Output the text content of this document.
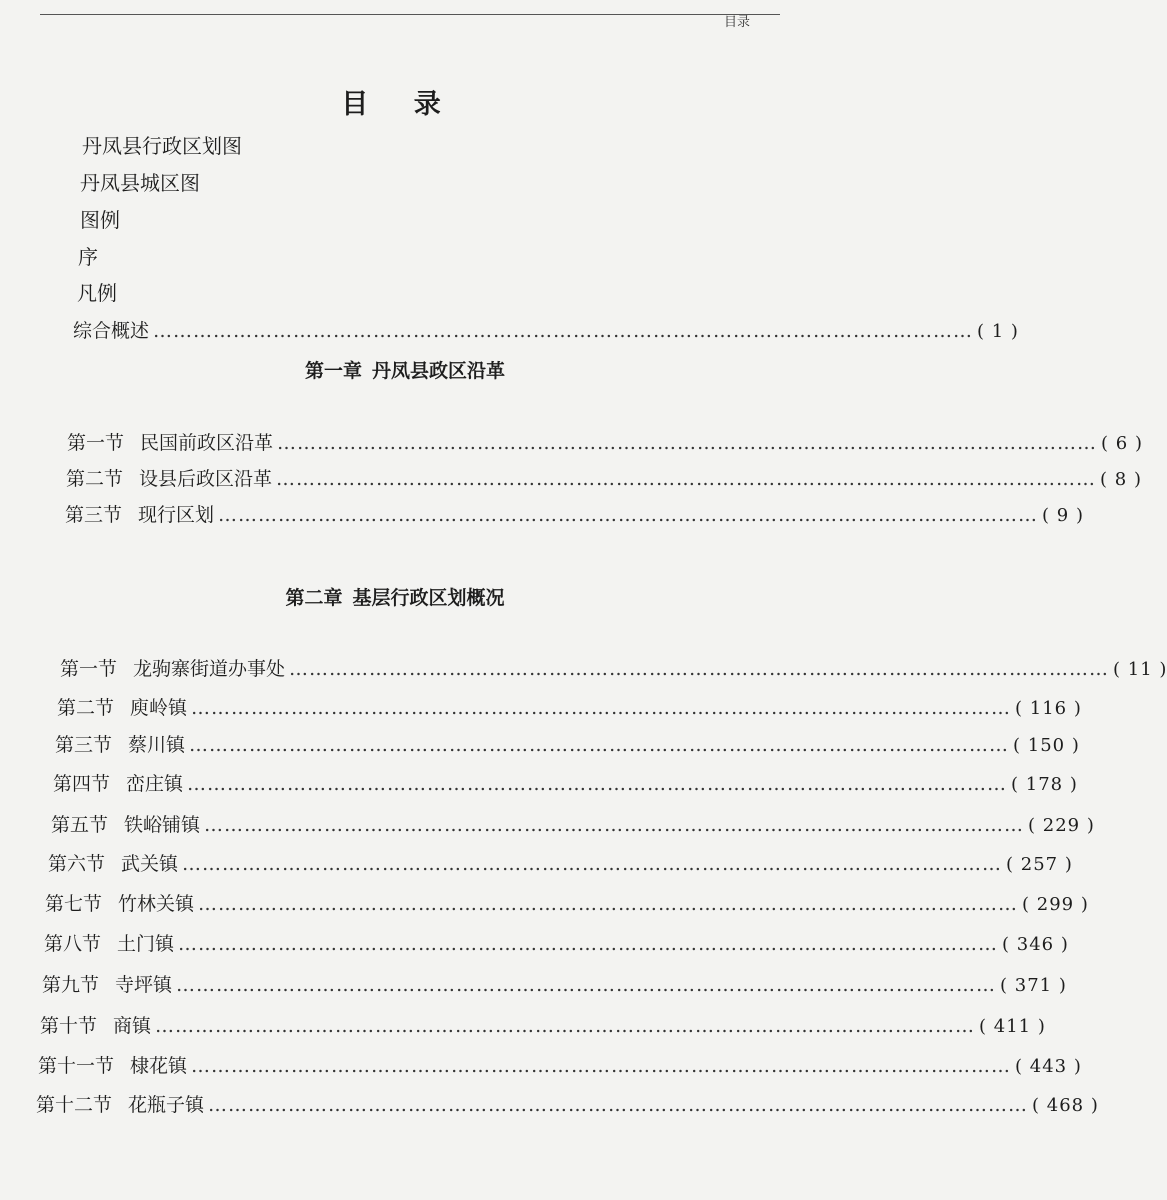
目录
目 录
丹凤县行政区划图
丹凤县城区图
图例
序
凡例
综合概述 …………………………………………………………………………………………………………… ( 1 )
第一章 丹凤县政区沿革
第一节 民国前政区沿革 …………………………………………………………………………………………………………… ( 6 )
第二节 设县后政区沿革 …………………………………………………………………………………………………………… ( 8 )
第三节 现行区划 …………………………………………………………………………………………………………… ( 9 )
第二章 基层行政区划概况
第一节 龙驹寨街道办事处 …………………………………………………………………………………………………………… ( 11 )
第二节 庾岭镇 …………………………………………………………………………………………………………… ( 116 )
第三节 蔡川镇 …………………………………………………………………………………………………………… ( 150 )
第四节 峦庄镇 …………………………………………………………………………………………………………… ( 178 )
第五节 铁峪铺镇 …………………………………………………………………………………………………………… ( 229 )
第六节 武关镇 …………………………………………………………………………………………………………… ( 257 )
第七节 竹林关镇 …………………………………………………………………………………………………………… ( 299 )
第八节 土门镇 …………………………………………………………………………………………………………… ( 346 )
第九节 寺坪镇 …………………………………………………………………………………………………………… ( 371 )
第十节 商镇 …………………………………………………………………………………………………………… ( 411 )
第十一节 棣花镇 …………………………………………………………………………………………………………… ( 443 )
第十二节 花瓶子镇 …………………………………………………………………………………………………………… ( 468 )
